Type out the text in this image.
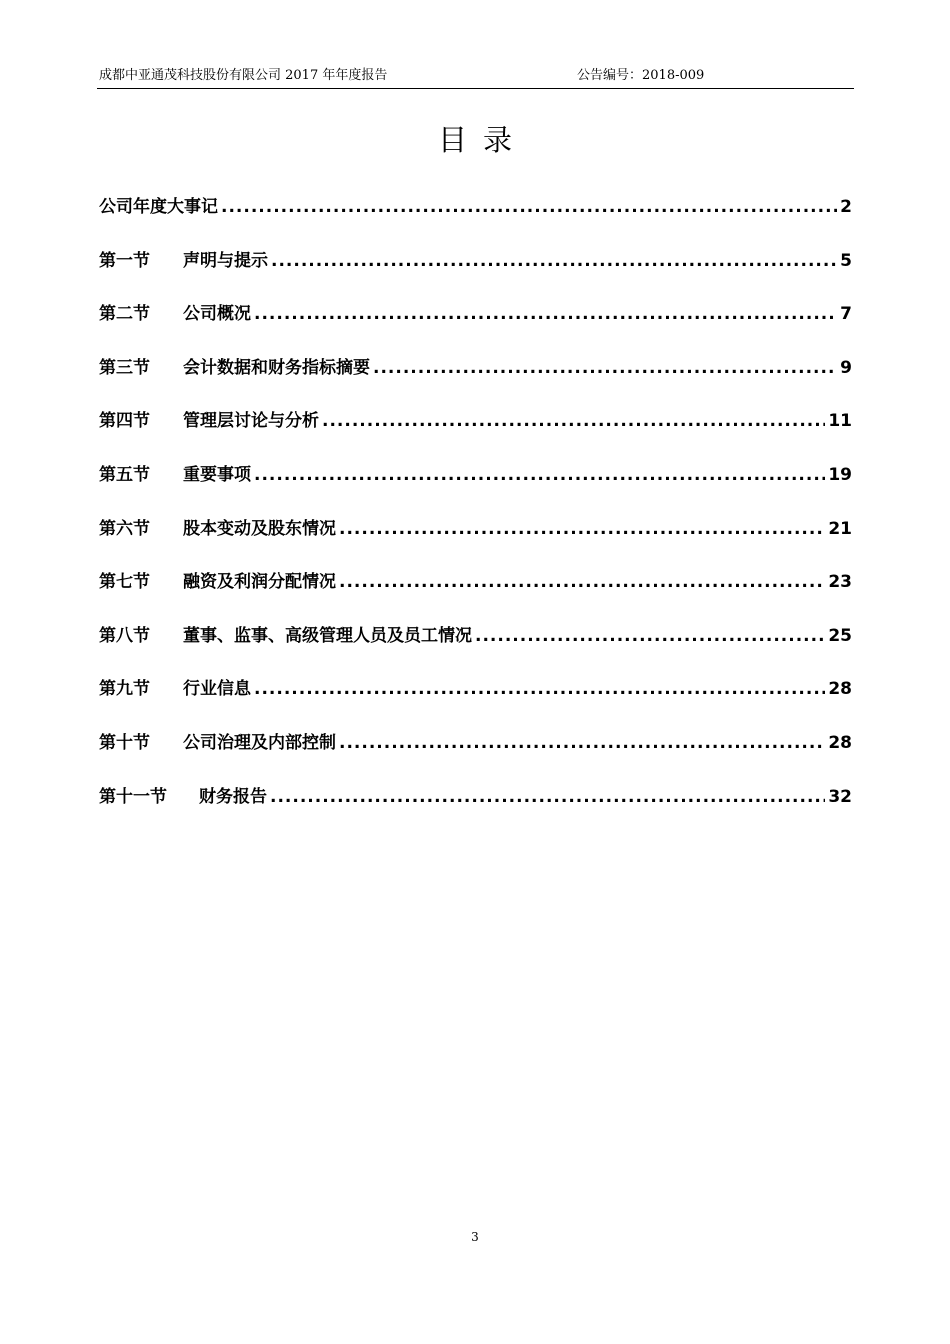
成都中亚通茂科技股份有限公司 2017 年年度报告	公告编号：2018-009
目录
公司年度大事记 .....	2
第一节 声明与提示 .....	5
第二节 公司概况 .....	7
第三节 会计数据和财务指标摘要 .....	9
第四节 管理层讨论与分析 .....	11
第五节 重要事项 .....	19
第六节 股本变动及股东情况 .....	21
第七节 融资及利润分配情况 .....	23
第八节 董事、监事、高级管理人员及员工情况 .....	25
第九节 行业信息 .....	28
第十节 公司治理及内部控制 .....	28
第十一节 财务报告 .....	32
3
